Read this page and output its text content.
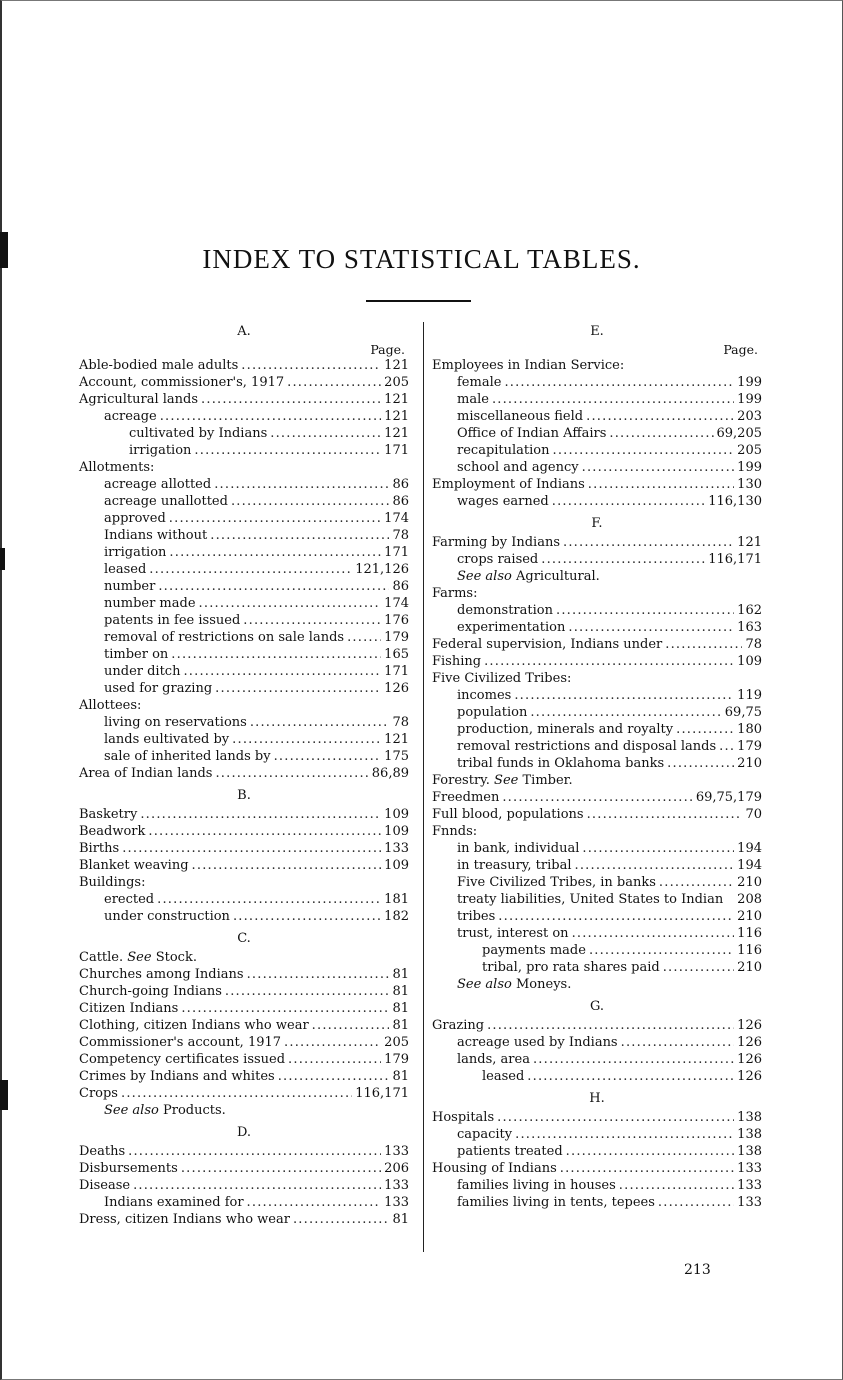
INDEX TO STATISTICAL TABLES.
A.
Page.
Able-bodied male adults .....	121
Account, commissioner's, 1917 .....	205
Agricultural lands .....	121
acreage .....	121
cultivated by Indians .....	121
irrigation .....	171
Allotments:
acreage allotted .....	86
acreage unallotted .....	86
approved .....	174
Indians without .....	78
irrigation .....	171
leased .....	121,126
number .....	86
number made .....	174
patents in fee issued .....	176
removal of restrictions on sale lands .....	179
timber on .....	165
under ditch .....	171
used for grazing .....	126
Allottees:
living on reservations .....	78
lands eultivated by .....	121
sale of inherited lands by .....	175
Area of Indian lands .....	86,89
B.
Basketry .....	109
Beadwork .....	109
Births .....	133
Blanket weaving .....	109
Buildings:
erected .....	181
under construction .....	182
C.
Cattle. See Stock.
Churches among Indians .....	81
Church-going Indians .....	81
Citizen Indians .....	81
Clothing, citizen Indians who wear .....	81
Commissioner's account, 1917 .....	205
Competency certificates issued .....	179
Crimes by Indians and whites .....	81
Crops .....	116,171
See also Products.
D.
Deaths .....	133
Disbursements .....	206
Disease .....	133
Indians examined for .....	133
Dress, citizen Indians who wear .....	81
E.
Page.
Employees in Indian Service:
female .....	199
male .....	199
miscellaneous field .....	203
Office of Indian Affairs .....	69,205
recapitulation .....	205
school and agency .....	199
Employment of Indians .....	130
wages earned .....	116,130
F.
Farming by Indians .....	121
crops raised .....	116,171
See also Agricultural.
Farms:
demonstration .....	162
experimentation .....	163
Federal supervision, Indians under .....	78
Fishing .....	109
Five Civilized Tribes:
incomes .....	119
population .....	69,75
production, minerals and royalty .....	180
removal restrictions and disposal lands ..... 179
tribal funds in Oklahoma banks .....	210
Forestry. See Timber.
Freedmen .....	69,75,179
Full blood, populations .....	70
Fnnds:
in bank, individual .....	194
in treasury, tribal .....	194
Five Civilized Tribes, in banks .....	210
treaty liabilities, United States to Indian 208
tribes .....	210
trust, interest on .....	116
payments made .....	116
tribal, pro rata shares paid .....	210
See also Moneys.
G.
Grazing .....	126
acreage used by Indians .....	126
lands, area .....	126
leased .....	126
H.
Hospitals .....	138
capacity .....	138
patients treated .....	138
Housing of Indians .....	133
families living in houses .....	133
families living in tents, tepees .....	133
213
